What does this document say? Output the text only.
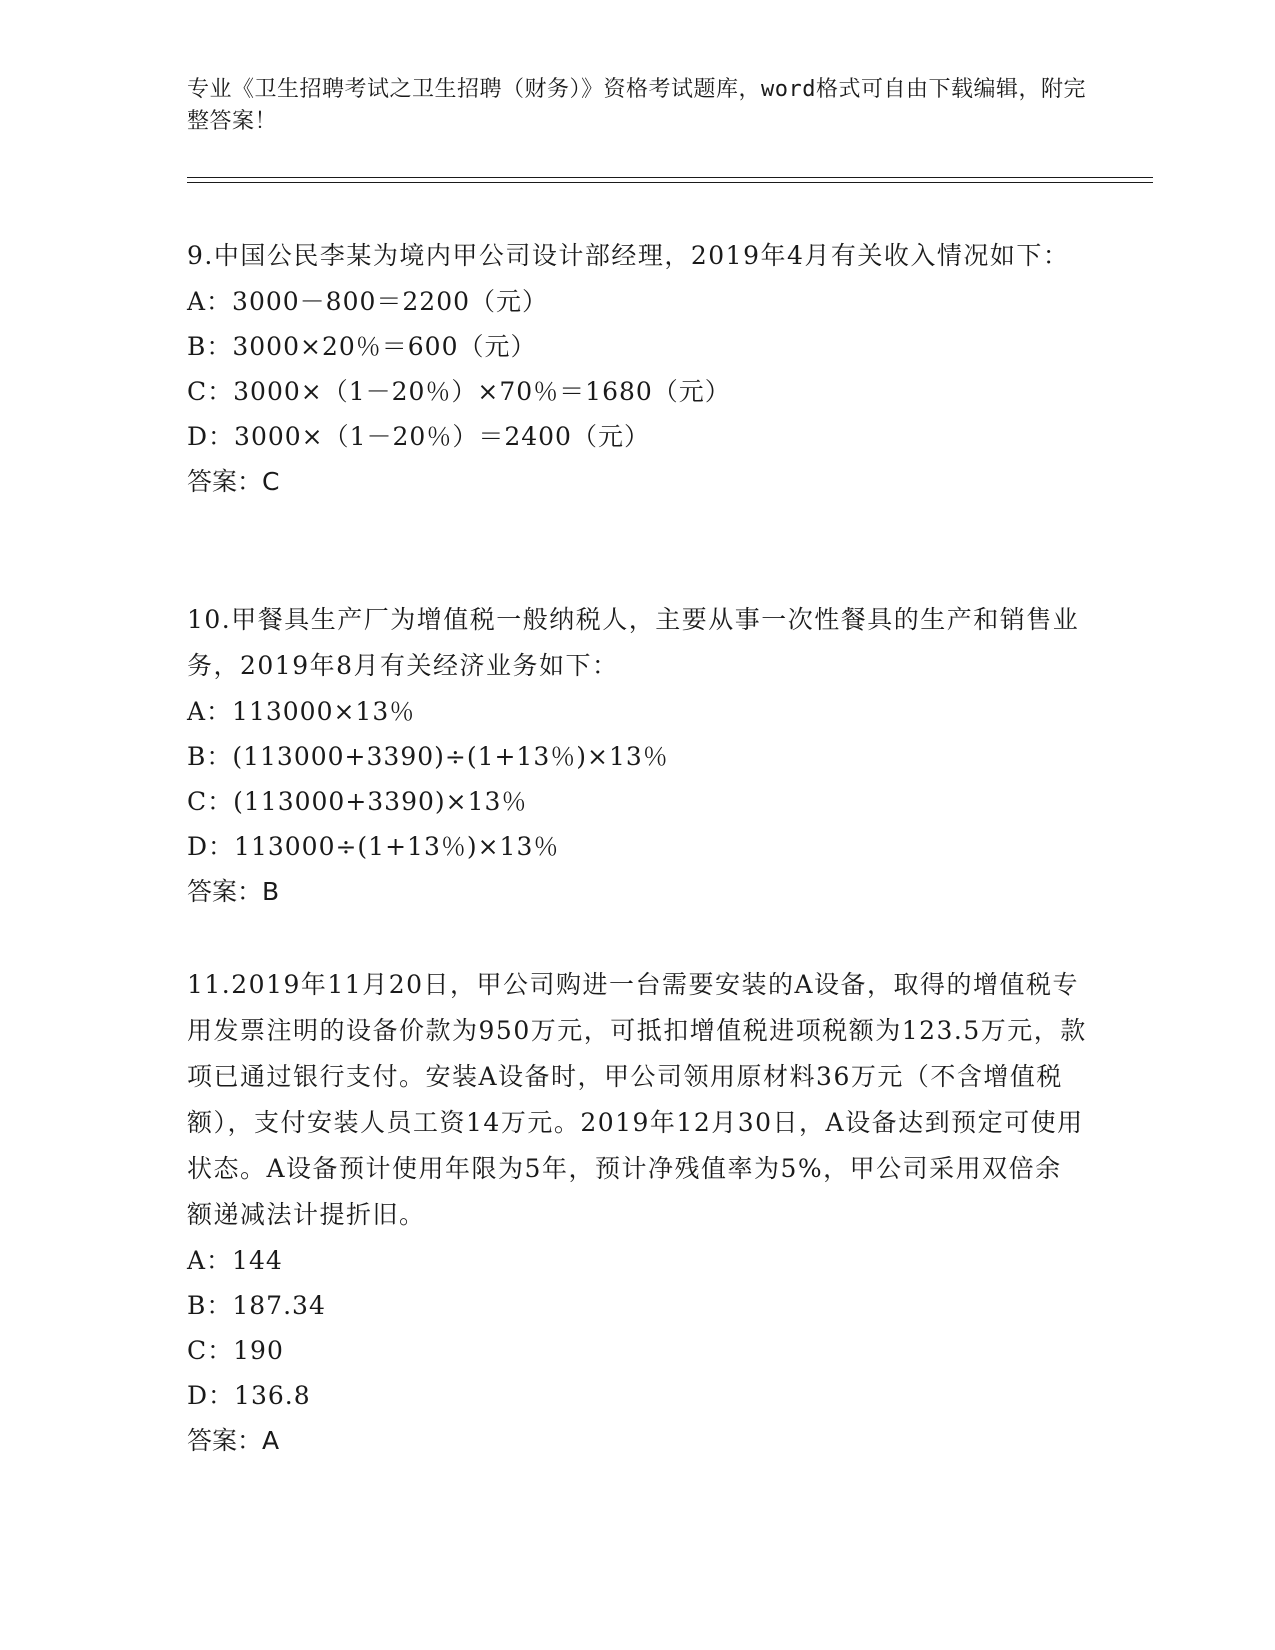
专业《卫生招聘考试之卫生招聘（财务）》资格考试题库，word格式可自由下载编辑，附完整答案！

9.中国公民李某为境内甲公司设计部经理，2019年4月有关收入情况如下：

A：3000－800＝2200（元）

B：3000×20％＝600（元）

C：3000×（1－20％）×70％＝1680（元）

D：3000×（1－20％）＝2400（元）

答案：C

10.甲餐具生产厂为增值税一般纳税人，主要从事一次性餐具的生产和销售业务，2019年8月有关经济业务如下：

A：113000×13％

B：(113000+3390)÷(1+13％)×13％

C：(113000+3390)×13％

D：113000÷(1+13％)×13％

答案：B

11.2019年11月20日，甲公司购进一台需要安装的A设备，取得的增值税专用发票注明的设备价款为950万元，可抵扣增值税进项税额为123.5万元，款项已通过银行支付。安装A设备时，甲公司领用原材料36万元（不含增值税额），支付安装人员工资14万元。2019年12月30日，A设备达到预定可使用状态。A设备预计使用年限为5年，预计净残值率为5%，甲公司采用双倍余额递减法计提折旧。

A：144

B：187.34

C：190

D：136.8

答案：A
